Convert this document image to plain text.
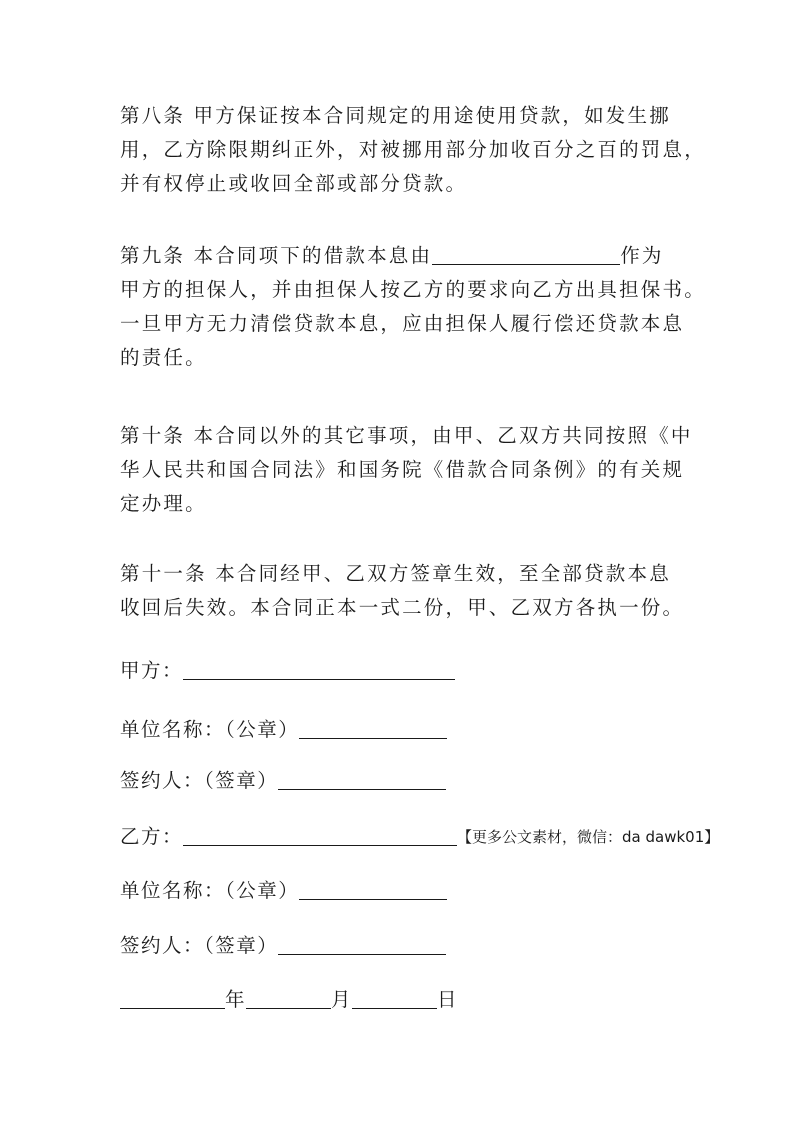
第八条 甲方保证按本合同规定的用途使用贷款，如发生挪
用，乙方除限期纠正外，对被挪用部分加收百分之百的罚息，
并有权停止或收回全部或部分贷款。

第九条 本合同项下的借款本息由	作为
甲方的担保人，并由担保人按乙方的要求向乙方出具担保书。
一旦甲方无力清偿贷款本息，应由担保人履行偿还贷款本息
的责任。

第十条 本合同以外的其它事项，由甲、乙双方共同按照《中
华人民共和国合同法》和国务院《借款合同条例》的有关规
定办理。

第十一条 本合同经甲、乙双方签章生效，至全部贷款本息
收回后失效。本合同正本一式二份，甲、乙双方各执一份。

甲方：
单位名称：（公章）
签约人：（签章）
乙方：	【更多公文素材，微信：da dawk01】
单位名称：（公章）
签约人：（签章）
年	月	日
